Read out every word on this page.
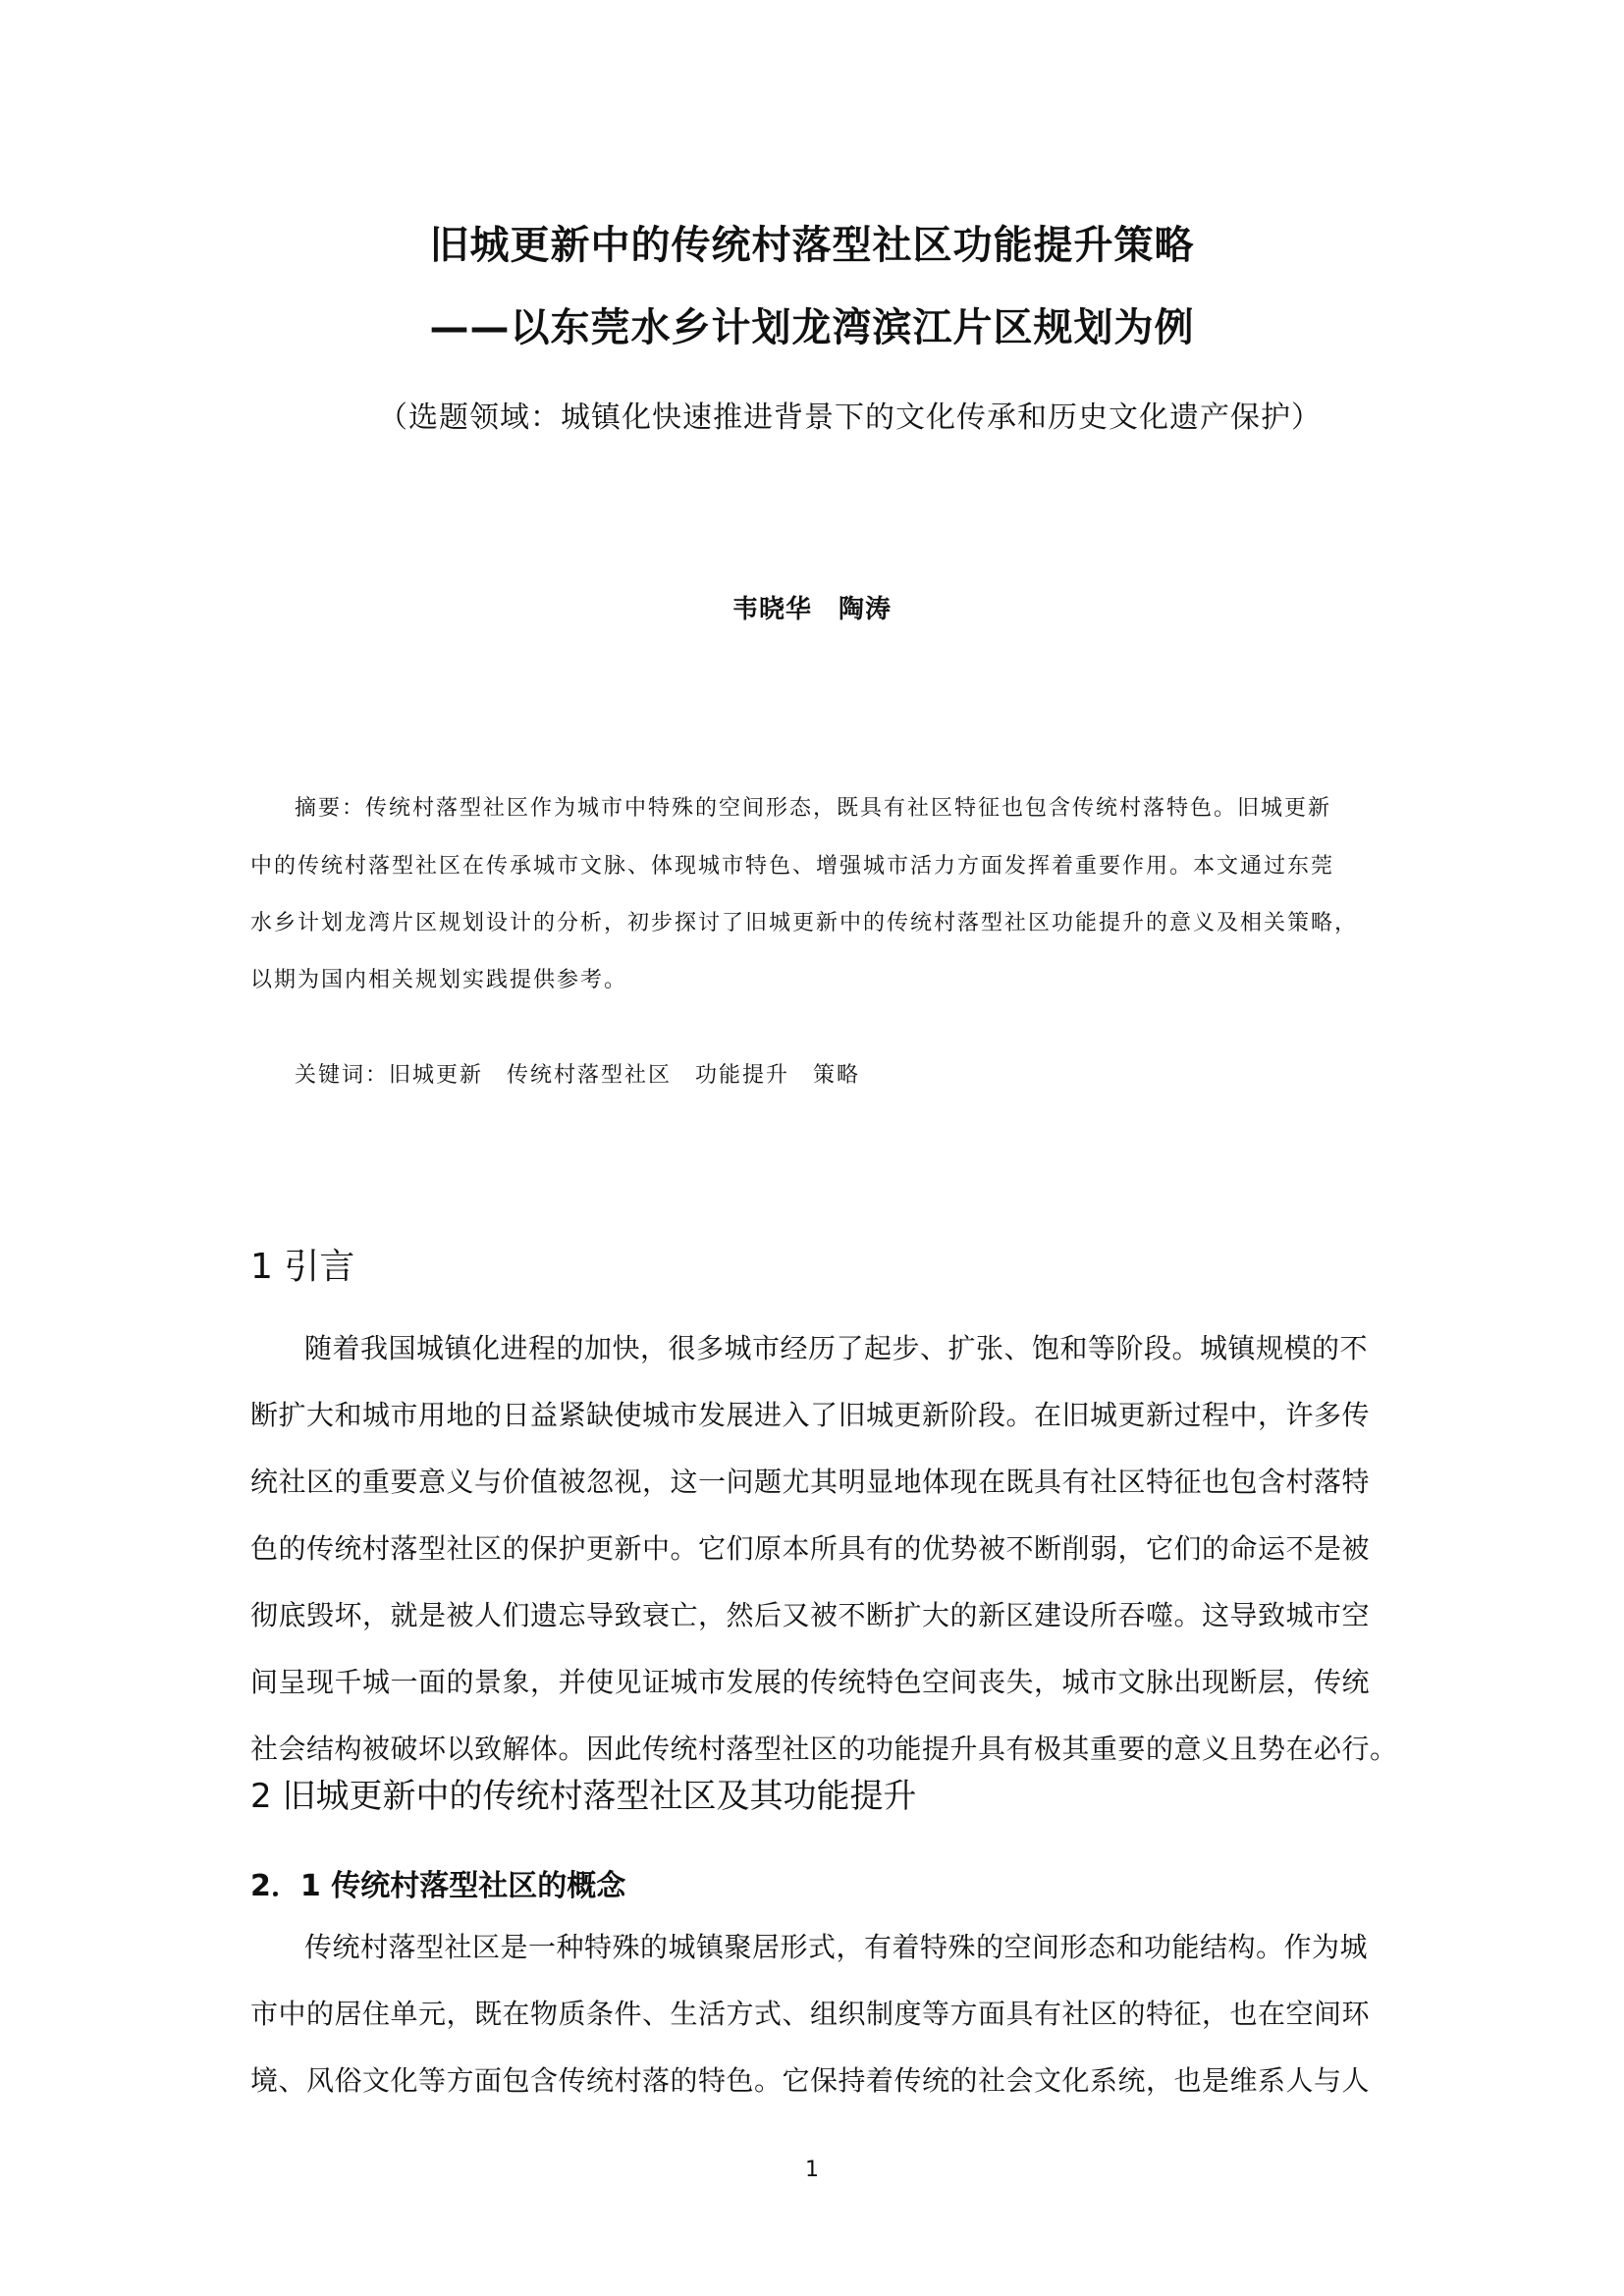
旧城更新中的传统村落型社区功能提升策略
——以东莞水乡计划龙湾滨江片区规划为例

（选题领域：城镇化快速推进背景下的文化传承和历史文化遗产保护）

韦晓华　陶涛

摘要：传统村落型社区作为城市中特殊的空间形态，既具有社区特征也包含传统村落特色。旧城更新

中的传统村落型社区在传承城市文脉、体现城市特色、增强城市活力方面发挥着重要作用。本文通过东莞

水乡计划龙湾片区规划设计的分析，初步探讨了旧城更新中的传统村落型社区功能提升的意义及相关策略，

以期为国内相关规划实践提供参考。

关键词：旧城更新　传统村落型社区　功能提升　策略

1 引言

随着我国城镇化进程的加快，很多城市经历了起步、扩张、饱和等阶段。城镇规模的不

断扩大和城市用地的日益紧缺使城市发展进入了旧城更新阶段。在旧城更新过程中，许多传

统社区的重要意义与价值被忽视，这一问题尤其明显地体现在既具有社区特征也包含村落特

色的传统村落型社区的保护更新中。它们原本所具有的优势被不断削弱，它们的命运不是被

彻底毁坏，就是被人们遗忘导致衰亡，然后又被不断扩大的新区建设所吞噬。这导致城市空

间呈现千城一面的景象，并使见证城市发展的传统特色空间丧失，城市文脉出现断层，传统

社会结构被破坏以致解体。因此传统村落型社区的功能提升具有极其重要的意义且势在必行。

2 旧城更新中的传统村落型社区及其功能提升
2．1 传统村落型社区的概念

传统村落型社区是一种特殊的城镇聚居形式，有着特殊的空间形态和功能结构。作为城

市中的居住单元，既在物质条件、生活方式、组织制度等方面具有社区的特征，也在空间环

境、风俗文化等方面包含传统村落的特色。它保持着传统的社会文化系统，也是维系人与人

1
